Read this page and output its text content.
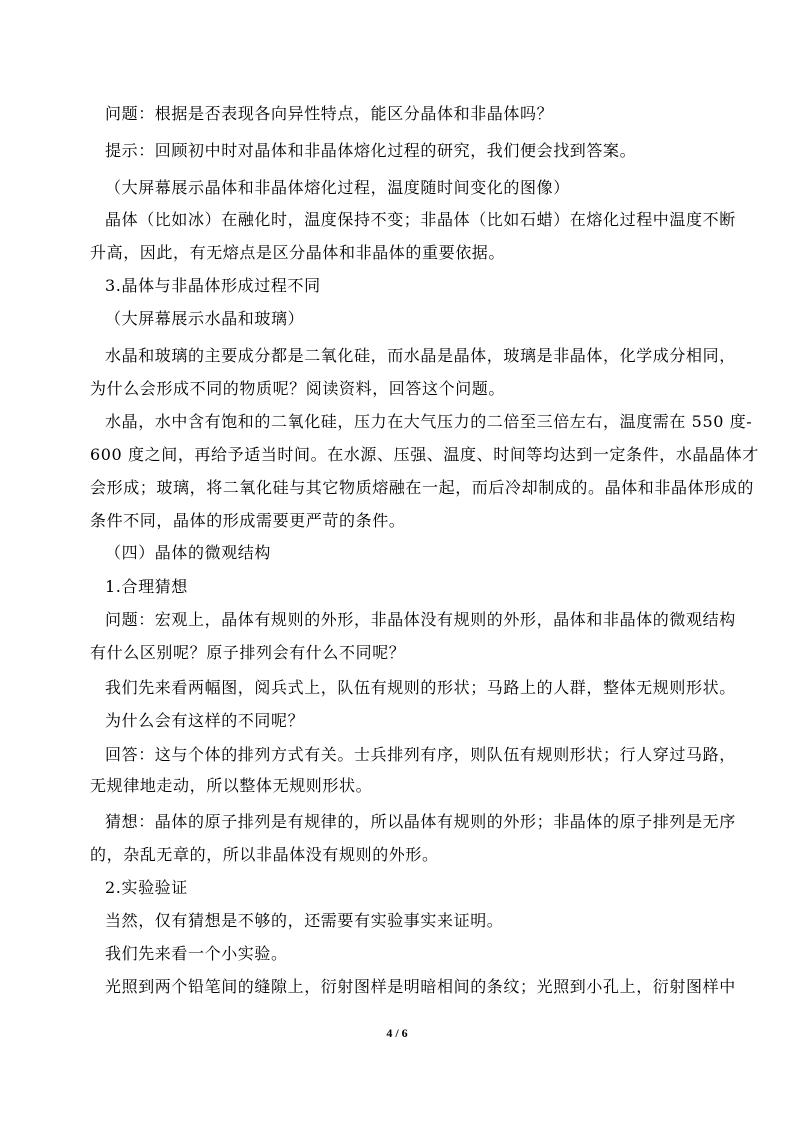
问题：根据是否表现各向异性特点，能区分晶体和非晶体吗？
提示：回顾初中时对晶体和非晶体熔化过程的研究，我们便会找到答案。
（大屏幕展示晶体和非晶体熔化过程，温度随时间变化的图像）
晶体（比如冰）在融化时，温度保持不变；非晶体（比如石蜡）在熔化过程中温度不断
升高，因此，有无熔点是区分晶体和非晶体的重要依据。
3.晶体与非晶体形成过程不同
（大屏幕展示水晶和玻璃）
水晶和玻璃的主要成分都是二氧化硅，而水晶是晶体，玻璃是非晶体，化学成分相同，
为什么会形成不同的物质呢？阅读资料，回答这个问题。
水晶，水中含有饱和的二氧化硅，压力在大气压力的二倍至三倍左右，温度需在 550 度-
600 度之间，再给予适当时间。在水源、压强、温度、时间等均达到一定条件，水晶晶体才
会形成；玻璃，将二氧化硅与其它物质熔融在一起，而后冷却制成的。晶体和非晶体形成的
条件不同，晶体的形成需要更严苛的条件。
（四）晶体的微观结构
1.合理猜想
问题：宏观上，晶体有规则的外形，非晶体没有规则的外形，晶体和非晶体的微观结构
有什么区别呢？原子排列会有什么不同呢？
我们先来看两幅图，阅兵式上，队伍有规则的形状；马路上的人群，整体无规则形状。
为什么会有这样的不同呢？
回答：这与个体的排列方式有关。士兵排列有序，则队伍有规则形状；行人穿过马路，
无规律地走动，所以整体无规则形状。
猜想：晶体的原子排列是有规律的，所以晶体有规则的外形；非晶体的原子排列是无序
的，杂乱无章的，所以非晶体没有规则的外形。
2.实验验证
当然，仅有猜想是不够的，还需要有实验事实来证明。
我们先来看一个小实验。
光照到两个铅笔间的缝隙上，衍射图样是明暗相间的条纹；光照到小孔上，衍射图样中
4 / 6
